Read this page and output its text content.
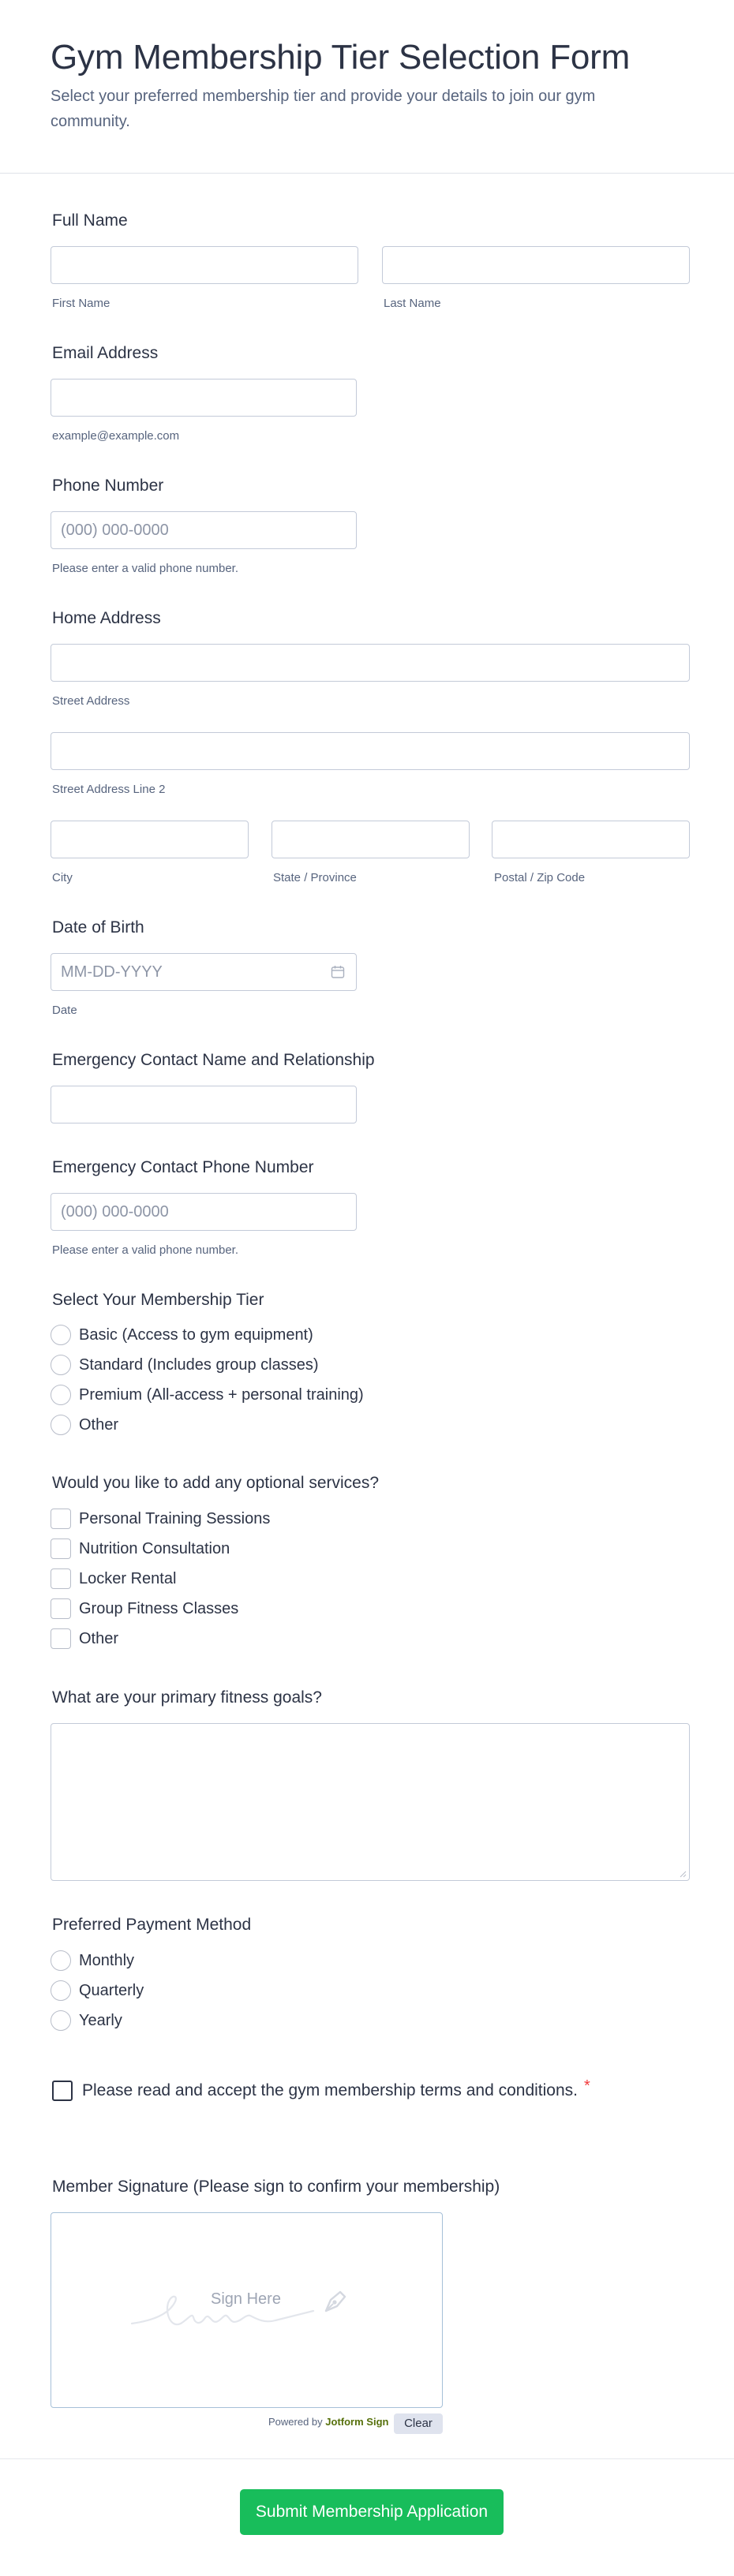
Gym Membership Tier Selection Form

Select your preferred membership tier and provide your details to join our gym community.

Full Name
First Name	Last Name
Email Address
example@example.com
Phone Number
(000) 000-0000
Please enter a valid phone number.
Home Address
Street Address
Street Address Line 2
City	State / Province	Postal / Zip Code
Date of Birth
MM-DD-YYYY
Date
Emergency Contact Name and Relationship
Emergency Contact Phone Number
(000) 000-0000
Please enter a valid phone number.
Select Your Membership Tier
Basic (Access to gym equipment)
Standard (Includes group classes)
Premium (All-access + personal training)
Other
Would you like to add any optional services?
Personal Training Sessions
Nutrition Consultation
Locker Rental
Group Fitness Classes
Other
What are your primary fitness goals?
Preferred Payment Method
Monthly
Quarterly
Yearly
Please read and accept the gym membership terms and conditions. *
Member Signature (Please sign to confirm your membership)
Sign Here
Powered by Jotform Sign	Clear
Submit Membership Application
